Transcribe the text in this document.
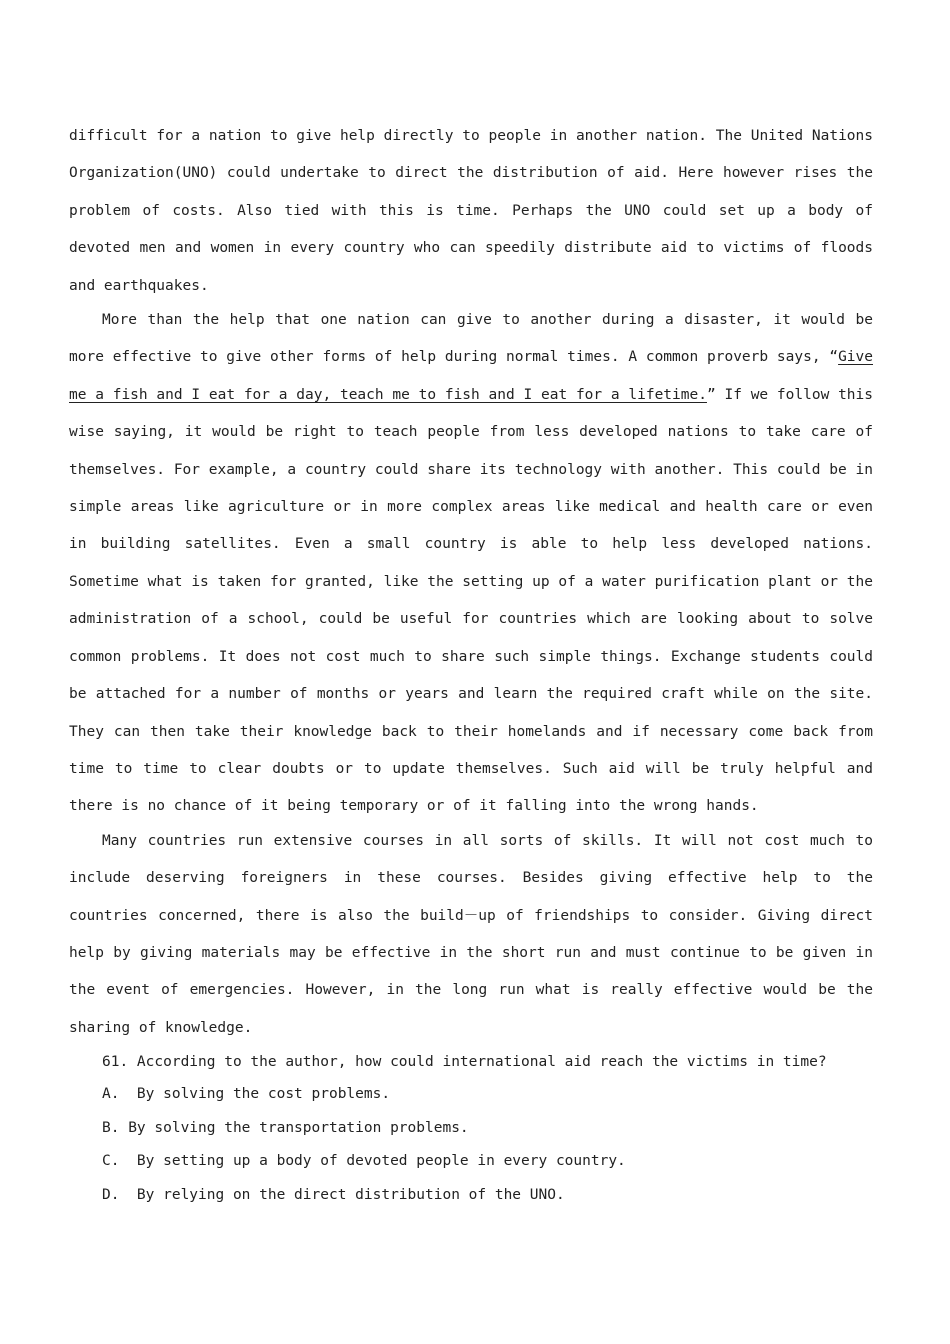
difficult for a nation to give help directly to people in another nation. The United Nations Organization(UNO) could undertake to direct the distribution of aid. Here however rises the problem of costs. Also tied with this is time. Perhaps the UNO could set up a body of devoted men and women in every country who can speedily distribute aid to victims of floods and earthquakes.

More than the help that one nation can give to another during a disaster, it would be more effective to give other forms of help during normal times. A common proverb says, “Give me a fish and I eat for a day, teach me to fish and I eat for a lifetime.” If we follow this wise saying, it would be right to teach people from less developed nations to take care of themselves. For example, a country could share its technology with another. This could be in simple areas like agriculture or in more complex areas like medical and health care or even in building satellites. Even a small country is able to help less developed nations. Sometime what is taken for granted, like the setting up of a water purification plant or the administration of a school, could be useful for countries which are looking about to solve common problems. It does not cost much to share such simple things. Exchange students could be attached for a number of months or years and learn the required craft while on the site. They can then take their knowledge back to their homelands and if necessary come back from time to time to clear doubts or to update themselves. Such aid will be truly helpful and there is no chance of it being temporary or of it falling into the wrong hands.

Many countries run extensive courses in all sorts of skills. It will not cost much to include deserving foreigners in these courses. Besides giving effective help to the countries concerned, there is also the build－up of friendships to consider. Giving direct help by giving materials may be effective in the short run and must continue to be given in the event of emergencies. However, in the long run what is really effective would be the sharing of knowledge.

61. According to the author, how could international aid reach the victims in time?
A.  By solving the cost problems.
B. By solving the transportation problems.
C.  By setting up a body of devoted people in every country.
D.  By relying on the direct distribution of the UNO.
